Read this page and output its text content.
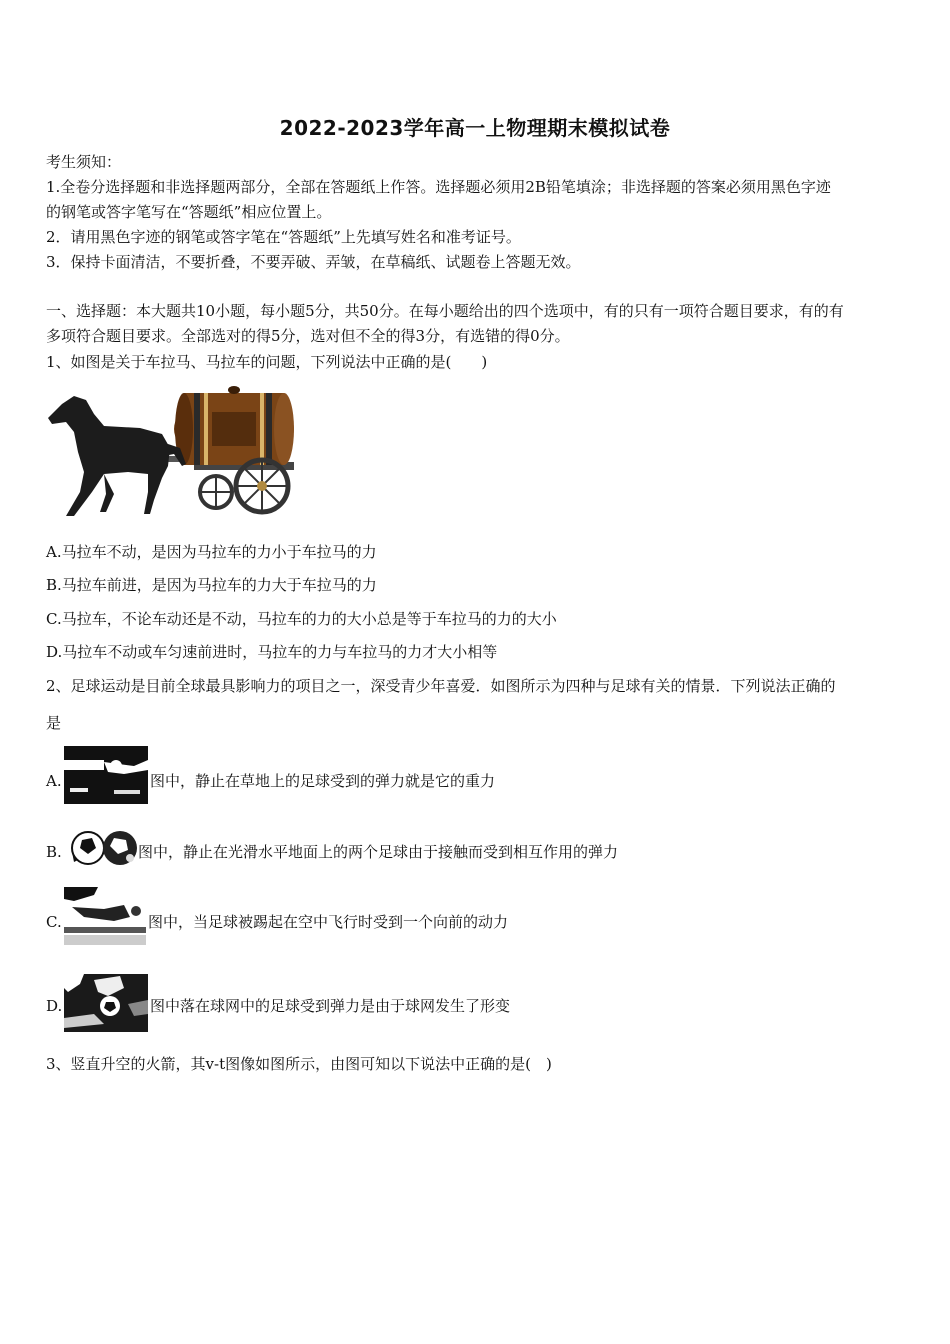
2022-2023学年高一上物理期末模拟试卷
考生须知：
1.全卷分选择题和非选择题两部分，全部在答题纸上作答。选择题必须用2B铅笔填涂；非选择题的答案必须用黑色字迹
的钢笔或答字笔写在“答题纸”相应位置上。
2．请用黑色字迹的钢笔或答字笔在“答题纸”上先填写姓名和准考证号。
3．保持卡面清洁，不要折叠，不要弄破、弄皱，在草稿纸、试题卷上答题无效。
一、选择题：本大题共10小题，每小题5分，共50分。在每小题给出的四个选项中，有的只有一项符合题目要求，有的有
多项符合题目要求。全部选对的得5分，选对但不全的得3分，有选错的得0分。
1、如图是关于车拉马、马拉车的问题，下列说法中正确的是(　　)
A.马拉车不动，是因为马拉车的力小于车拉马的力
B.马拉车前进，是因为马拉车的力大于车拉马的力
C.马拉车，不论车动还是不动，马拉车的力的大小总是等于车拉马的力的大小
D.马拉车不动或车匀速前进时，马拉车的力与车拉马的力才大小相等
2、足球运动是目前全球最具影响力的项目之一，深受青少年喜爱．如图所示为四种与足球有关的情景．下列说法正确的
是
A.	图中，静止在草地上的足球受到的弹力就是它的重力
B.	图中，静止在光滑水平地面上的两个足球由于接触而受到相互作用的弹力
C.	图中，当足球被踢起在空中飞行时受到一个向前的动力
D.	图中落在球网中的足球受到弹力是由于球网发生了形变
3、竖直升空的火箭，其v-t图像如图所示，由图可知以下说法中正确的是(　)
